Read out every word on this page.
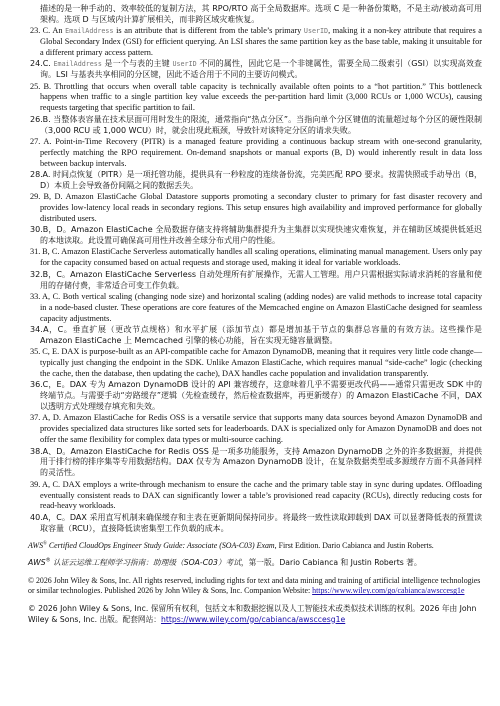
描述的是一种手动的、效率较低的复制方法，其 RPO/RTO 高于全局数据库。选项 C 是一种备份策略，不是主动/被动高可用架构。选项 D 与区域内计算扩展相关，而非跨区域灾难恢复。
23. C. An EmailAddress is an attribute that is different from the table’s primary UserID, making it a non-key attribute that requires a Global Secondary Index (GSI) for efficient querying. An LSI shares the same partition key as the base table, making it unsuitable for a different primary access pattern.
24. C. EmailAddress 是一个与表的主键 UserID 不同的属性，因此它是一个非键属性，需要全局二级索引（GSI）以实现高效查询。LSI 与基表共享相同的分区键，因此不适合用于不同的主要访问模式。
25. B. Throttling that occurs when overall table capacity is technically available often points to a “hot partition.” This bottleneck happens when traffic to a single partition key value exceeds the per-partition hard limit (3,000 RCUs or 1,000 WCUs), causing requests targeting that specific partition to fail.
26. B. 当整体表容量在技术层面可用时发生的限流，通常指向“热点分区”。当指向单个分区键值的流量超过每个分区的硬性限制（3,000 RCU 或 1,000 WCU）时，就会出现此瓶颈，导致针对该特定分区的请求失败。
27. A. Point-in-Time Recovery (PITR) is a managed feature providing a continuous backup stream with one-second granularity, perfectly matching the RPO requirement. On-demand snapshots or manual exports (B, D) would inherently result in data loss between backup intervals.
28. A. 时间点恢复（PITR）是一项托管功能，提供具有一秒粒度的连续备份流，完美匹配 RPO 要求。按需快照或手动导出（B，D）本质上会导致备份间隔之间的数据丢失。
29. B, D. Amazon ElastiCache Global Datastore supports promoting a secondary cluster to primary for fast disaster recovery and provides low-latency local reads in secondary regions. This setup ensures high availability and improved performance for globally distributed users.
30. B，D。Amazon ElastiCache 全局数据存储支持将辅助集群提升为主集群以实现快速灾难恢复，并在辅助区域提供低延迟的本地读取。此设置可确保高可用性并改善全球分布式用户的性能。
31. B, C. Amazon ElastiCache Serverless automatically handles all scaling operations, eliminating manual management. Users only pay for the capacity consumed based on actual requests and storage used, making it ideal for variable workloads.
32. B，C。Amazon ElastiCache Serverless 自动处理所有扩展操作，无需人工管理。用户只需根据实际请求消耗的容量和使用的存储付费，非常适合可变工作负载。
33. A, C. Both vertical scaling (changing node size) and horizontal scaling (adding nodes) are valid methods to increase total capacity in a node-based cluster. These operations are core features of the Memcached engine on Amazon ElastiCache designed for seamless capacity adjustments.
34. A，C。垂直扩展（更改节点规格）和水平扩展（添加节点）都是增加基于节点的集群总容量的有效方法。这些操作是 Amazon ElastiCache 上 Memcached 引擎的核心功能，旨在实现无缝容量调整。
35. C, E. DAX is purpose-built as an API-compatible cache for Amazon DynamoDB, meaning that it requires very little code change—typically just changing the endpoint in the SDK. Unlike Amazon ElastiCache, which requires manual “side-cache” logic (checking the cache, then the database, then updating the cache), DAX handles cache population and invalidation transparently.
36. C，E。DAX 专为 Amazon DynamoDB 设计的 API 兼容缓存，这意味着几乎不需要更改代码——通常只需更改 SDK 中的终端节点。与需要手动“旁路缓存”逻辑（先检查缓存，然后检查数据库，再更新缓存）的 Amazon ElastiCache 不同，DAX 以透明方式处理缓存填充和失效。
37. A, D. Amazon ElastiCache for Redis OSS is a versatile service that supports many data sources beyond Amazon DynamoDB and provides specialized data structures like sorted sets for leaderboards. DAX is specialized only for Amazon DynamoDB and does not offer the same flexibility for complex data types or multi-source caching.
38. A、D。Amazon ElastiCache for Redis OSS 是一项多功能服务，支持 Amazon DynamoDB 之外的许多数据源，并提供用于排行榜的排序集等专用数据结构。DAX 仅专为 Amazon DynamoDB 设计，在复杂数据类型或多源缓存方面不具备同样的灵活性。
39. A, C. DAX employs a write-through mechanism to ensure the cache and the primary table stay in sync during updates. Offloading eventually consistent reads to DAX can significantly lower a table’s provisioned read capacity (RCUs), directly reducing costs for read-heavy workloads.
40. A，C。DAX 采用直写机制来确保缓存和主表在更新期间保持同步。将最终一致性读取卸载到 DAX 可以显著降低表的预置读取容量（RCU），直接降低读密集型工作负载的成本。

AWS® Certified CloudOps Engineer Study Guide: Associate (SOA-C03) Exam, First Edition. Dario Cabianca and Justin Roberts.

AWS® 认证云运维工程师学习指南：助理级（SOA-C03）考试，第一版。Dario Cabianca 和 Justin Roberts 著。

© 2026 John Wiley & Sons, Inc. All rights reserved, including rights for text and data mining and training of artificial intelligence technologies or similar technologies. Published 2026 by John Wiley & Sons, Inc. Companion Website: https://www.wiley.com/go/cabianca/awsccesg1e

© 2026 John Wiley & Sons, Inc. 保留所有权利，包括文本和数据挖掘以及人工智能技术或类似技术训练的权利。2026 年由 John Wiley & Sons, Inc. 出版。配套网站：https://www.wiley.com/go/cabianca/awsccesg1e
